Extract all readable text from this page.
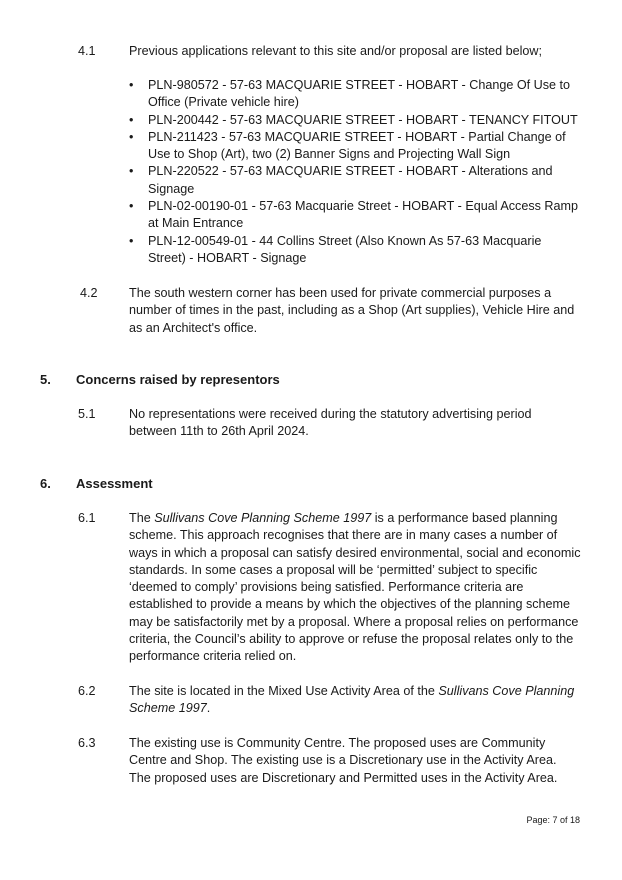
4.1	Previous applications relevant to this site and/or proposal are listed below;
• PLN-980572 - 57-63 MACQUARIE STREET - HOBART - Change Of Use to Office (Private vehicle hire)
• PLN-200442 - 57-63 MACQUARIE STREET - HOBART - TENANCY FITOUT
• PLN-211423 - 57-63 MACQUARIE STREET - HOBART - Partial Change of Use to Shop (Art), two (2) Banner Signs and Projecting Wall Sign
• PLN-220522 - 57-63 MACQUARIE STREET - HOBART - Alterations and Signage
• PLN-02-00190-01 - 57-63 Macquarie Street - HOBART - Equal Access Ramp at Main Entrance
• PLN-12-00549-01 - 44 Collins Street (Also Known As 57-63 Macquarie Street) - HOBART - Signage
4.2 The south western corner has been used for private commercial purposes a number of times in the past, including as a Shop (Art supplies), Vehicle Hire and as an Architect's office.
5. Concerns raised by representors
5.1	No representations were received during the statutory advertising period between 11th to 26th April 2024.
6. Assessment
6.1	The Sullivans Cove Planning Scheme 1997 is a performance based planning scheme. This approach recognises that there are in many cases a number of ways in which a proposal can satisfy desired environmental, social and economic standards. In some cases a proposal will be ‘permitted’ subject to specific ‘deemed to comply’ provisions being satisfied. Performance criteria are established to provide a means by which the objectives of the planning scheme may be satisfactorily met by a proposal. Where a proposal relies on performance criteria, the Council’s ability to approve or refuse the proposal relates only to the performance criteria relied on.
6.2	The site is located in the Mixed Use Activity Area of the Sullivans Cove Planning Scheme 1997.
6.3	The existing use is Community Centre. The proposed uses are Community Centre and Shop. The existing use is a Discretionary use in the Activity Area. The proposed uses are Discretionary and Permitted uses in the Activity Area.
Page: 7 of 18
